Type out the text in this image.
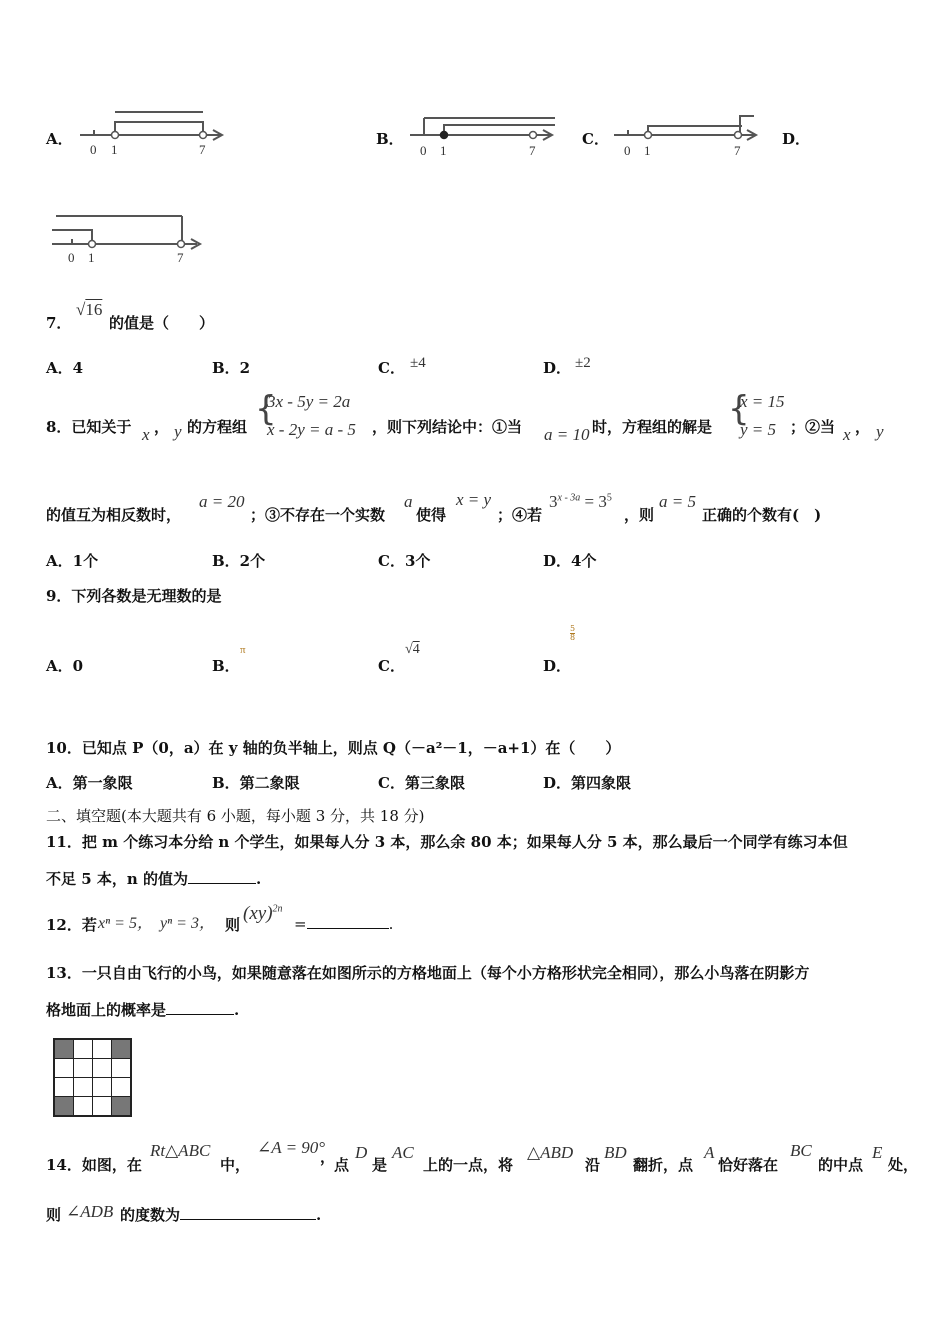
A．
0 1	7
B．
0 1	7
C．
0 1	7
D．
0 1	7
7．
√16
的值是（　　）
A．4	B．2	C． ±4	D． ±2
8．已知关于 x ， y 的方程组 {
3x - 5y = 2a
x - 2y = a - 5 ，则下列结论中：①当 a = 10 时，方程组的解是 {
x = 15
y = 5 ；②当 x ， y
的值互为相反数时，
a = 20
；③不存在一个实数
a
使得
x = y
；④若
$3^{x - 3a} = 3^5$
，则
a = 5
正确的个数有(　)
A．1个	B．2个	C．3个	D．4个
9．下列各数是无理数的是
A．0	B．
π
C．
√4
D．
$\frac{5}{8}$
10．已知点 P（0，a）在 y 轴的负半轴上，则点 Q（－a²－1，－a+1）在（　　）
A．第一象限	B．第二象限	C．第三象限	D．第四象限
二、填空题(本大题共有 6 小题，每小题 3 分，共 18 分)
11．把 m 个练习本分给 n 个学生，如果每人分 3 本，那么余 80 本；如果每人分 5 本，那么最后一个同学有练习本但
不足 5 本，n 的值为	.
12．若 xⁿ = 5， yⁿ = 3， 则
(xy)$^{2n}$
=	.
13．一只自由飞行的小鸟，如果随意落在如图所示的方格地面上（每个小方格形状完全相同），那么小鸟落在阴影方
格地面上的概率是	.

14．如图，在
Rt△ABC
中，
∠A = 90°
，
点
D
是
AC
上的一点，将
△ABD
沿
BD
翻折，点
A
恰好落在
BC
的中点
E
处，
则 ∠ADB 的度数为	.
